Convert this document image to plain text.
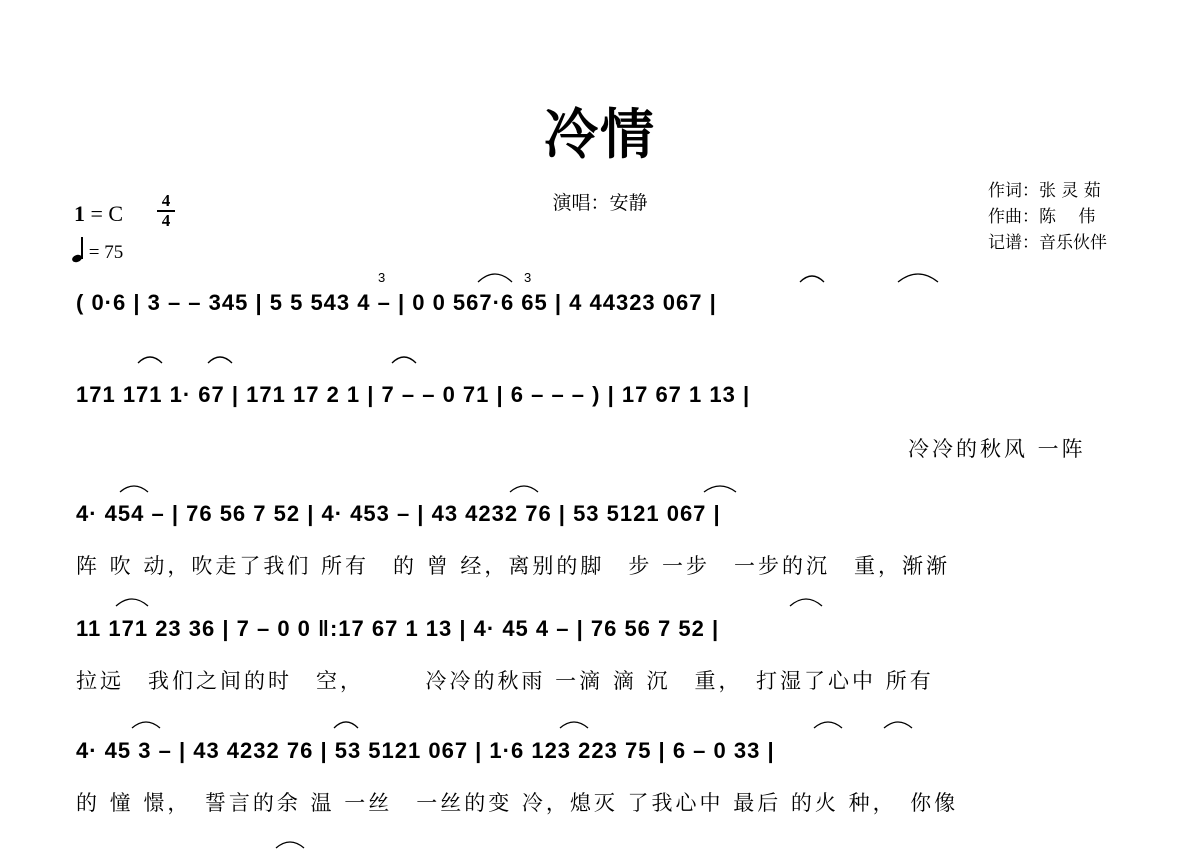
冷情
演唱：安静
作词：张 灵 茹
作曲：陈　 伟
记谱：音乐伙伴
1 = C
4
4
= 75
( 0·6 | 3 – – 345 | 5 5 543 4 – | 0 0 567·6 65 | 4 44323 067 |
171 171 1· 67 | 171 17 2 1 | 7 – – 0 71 | 6 – – – ) | 17 67 1 13 |
冷冷的秋风 一阵
4· 454 – | 76 56 7 52 | 4· 453 – | 43 4232 76 | 53 5121 067 |
阵 吹 动，吹走了我们 所有　的 曾 经，离别的脚　步 一步　一步的沉　重，渐渐
11 171 23 36 | 7 – 0 0 ‖:17 67 1 13 | 4· 45 4 – | 76 56 7 52 |
拉远　我们之间的时　空，　　　冷冷的秋雨 一滴 滴 沉　重，　打湿了心中 所有
4· 45 3 – | 43 4232 76 | 53 5121 067 | 1·6 123 223 75 | 6 – 0 33 |
的 憧 憬，　誓言的余 温 一丝　一丝的变 冷，熄灭 了我心中 最后 的火 种，　你像
3	3
